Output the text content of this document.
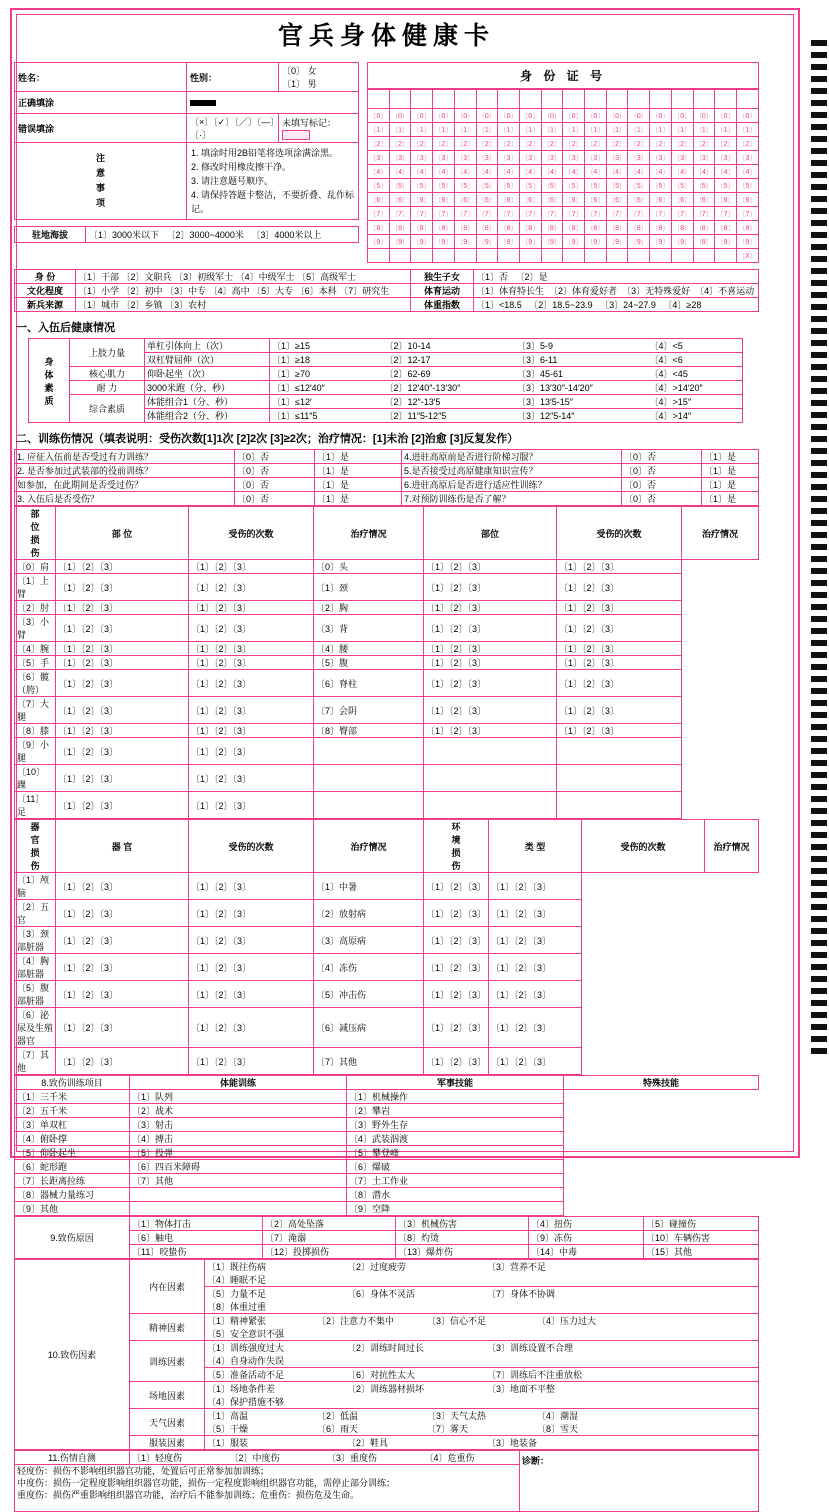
官兵身体健康卡
姓名：	性别：	〔0〕 女
〔1〕 男

正确填涂		
错误填涂	〔×〕〔✓〕〔／〕〔—〕〔·〕	未填写标记：
注
意
事
项	
1. 填涂时用2B铅笔将选项涂满涂黑。
2. 修改时用橡皮擦干净。
3. 请注意题号顺序。
4. 请保持答题卡整洁，不要折叠、乱作标记。
驻地海拔	〔1〕3000米以下 〔2〕3000~4000米 〔3〕4000米以上
身 份 证 号

〔0〕	〔0〕	〔0〕	〔0〕	〔0〕	〔0〕	〔0〕	〔0〕	〔0〕	〔0〕	〔0〕	〔0〕	〔0〕	〔0〕	〔0〕	〔0〕	〔0〕	〔0〕
〔1〕	〔1〕	〔1〕	〔1〕	〔1〕	〔1〕	〔1〕	〔1〕	〔1〕	〔1〕	〔1〕	〔1〕	〔1〕	〔1〕	〔1〕	〔1〕	〔1〕	〔1〕
〔2〕	〔2〕	〔2〕	〔2〕	〔2〕	〔2〕	〔2〕	〔2〕	〔2〕	〔2〕	〔2〕	〔2〕	〔2〕	〔2〕	〔2〕	〔2〕	〔2〕	〔2〕
〔3〕	〔3〕	〔3〕	〔3〕	〔3〕	〔3〕	〔3〕	〔3〕	〔3〕	〔3〕	〔3〕	〔3〕	〔3〕	〔3〕	〔3〕	〔3〕	〔3〕	〔3〕
〔4〕	〔4〕	〔4〕	〔4〕	〔4〕	〔4〕	〔4〕	〔4〕	〔4〕	〔4〕	〔4〕	〔4〕	〔4〕	〔4〕	〔4〕	〔4〕	〔4〕	〔4〕
〔5〕	〔5〕	〔5〕	〔5〕	〔5〕	〔5〕	〔5〕	〔5〕	〔5〕	〔5〕	〔5〕	〔5〕	〔5〕	〔5〕	〔5〕	〔5〕	〔5〕	〔5〕
〔6〕	〔6〕	〔6〕	〔6〕	〔6〕	〔6〕	〔6〕	〔6〕	〔6〕	〔6〕	〔6〕	〔6〕	〔6〕	〔6〕	〔6〕	〔6〕	〔6〕	〔6〕
〔7〕	〔7〕	〔7〕	〔7〕	〔7〕	〔7〕	〔7〕	〔7〕	〔7〕	〔7〕	〔7〕	〔7〕	〔7〕	〔7〕	〔7〕	〔7〕	〔7〕	〔7〕
〔8〕	〔8〕	〔8〕	〔8〕	〔8〕	〔8〕	〔8〕	〔8〕	〔8〕	〔8〕	〔8〕	〔8〕	〔8〕	〔8〕	〔8〕	〔8〕	〔8〕	〔8〕
〔9〕	〔9〕	〔9〕	〔9〕	〔9〕	〔9〕	〔9〕	〔9〕	〔9〕	〔9〕	〔9〕	〔9〕	〔9〕	〔9〕	〔9〕	〔9〕	〔9〕	〔9〕
																	〔X〕
身 份	〔1〕干部 〔2〕文职兵 〔3〕初级军士 〔4〕中级军士 〔5〕高级军士	独生子女	〔1〕否 〔2〕是
文化程度	〔1〕小学 〔2〕初中 〔3〕中专 〔4〕高中 〔5〕大专 〔6〕本科 〔7〕研究生	体育运动	〔1〕体育特长生 〔2〕体育爱好者 〔3〕无特殊爱好 〔4〕不喜运动
新兵来源	〔1〕城市 〔2〕乡镇 〔3〕农村	体重指数	〔1〕<18.5 〔2〕18.5~23.9 〔3〕24~27.9 〔4〕≥28
一、入伍后健康情况
身
体
素
质	上肢力量	单杠引体向上（次）	〔1〕≥15 〔2〕10-14 〔3〕5-9 〔4〕<5
		双杠臂屈伸（次）	〔1〕≥18 〔2〕12-17 〔3〕6-11 〔4〕<6
	核心肌力	仰卧起坐（次）	〔1〕≥70 〔2〕62-69 〔3〕45-61 〔4〕<45
	耐 力	3000米跑（分、秒）	〔1〕≤12′40″ 〔2〕12′40″-13′30″ 〔3〕13′30″-14′20″ 〔4〕>14′20″
	综合素质	体能组合1（分、秒）	〔1〕≤12′ 〔2〕12″-13′5 〔3〕13′5-15″ 〔4〕>15″
		体能组合2（分、秒）	〔1〕≤11″5 〔2〕11″5-12″5 〔3〕12″5-14″ 〔4〕>14″
二、训练伤情况（填表说明：受伤次数[1]1次 [2]2次 [3]≥2次；治疗情况：[1]未治 [2]治愈 [3]反复发作）
1. 应征入伍前是否受过有力训练？	〔0〕否	〔1〕是	4.进驻高原前是否进行阶梯习服？	〔0〕否	〔1〕是
2. 是否参加过武装部的役前训练？	〔0〕否	〔1〕是	5.是否接受过高原健康知识宣传？	〔0〕否	〔1〕是
如参加，在此期间是否受过伤？	〔0〕否	〔1〕是	6.进驻高原后是否进行适应性训练？	〔0〕否	〔1〕是
3. 入伍后是否受伤？	〔0〕否	〔1〕是	7.对预防训练伤是否了解？	〔0〕否	〔1〕是
部
位
损
伤	部 位	受伤的次数	治疗情况	部位	受伤的次数	治疗情况
〔0〕肩	〔1〕〔2〕〔3〕	〔1〕〔2〕〔3〕	〔0〕头	〔1〕〔2〕〔3〕	〔1〕〔2〕〔3〕	
〔1〕上臂	〔1〕〔2〕〔3〕	〔1〕〔2〕〔3〕	〔1〕颈	〔1〕〔2〕〔3〕	〔1〕〔2〕〔3〕	
〔2〕肘	〔1〕〔2〕〔3〕	〔1〕〔2〕〔3〕	〔2〕胸	〔1〕〔2〕〔3〕	〔1〕〔2〕〔3〕	
〔3〕小臂	〔1〕〔2〕〔3〕	〔1〕〔2〕〔3〕	〔3〕背	〔1〕〔2〕〔3〕	〔1〕〔2〕〔3〕	
〔4〕腕	〔1〕〔2〕〔3〕	〔1〕〔2〕〔3〕	〔4〕腰	〔1〕〔2〕〔3〕	〔1〕〔2〕〔3〕	
〔5〕手	〔1〕〔2〕〔3〕	〔1〕〔2〕〔3〕	〔5〕腹	〔1〕〔2〕〔3〕	〔1〕〔2〕〔3〕	
〔6〕髋（胯）	〔1〕〔2〕〔3〕	〔1〕〔2〕〔3〕	〔6〕脊柱	〔1〕〔2〕〔3〕	〔1〕〔2〕〔3〕	
〔7〕大腿	〔1〕〔2〕〔3〕	〔1〕〔2〕〔3〕	〔7〕会阴	〔1〕〔2〕〔3〕	〔1〕〔2〕〔3〕	
〔8〕膝	〔1〕〔2〕〔3〕	〔1〕〔2〕〔3〕	〔8〕臀部	〔1〕〔2〕〔3〕	〔1〕〔2〕〔3〕	
〔9〕小腿	〔1〕〔2〕〔3〕	〔1〕〔2〕〔3〕				
〔10〕踝	〔1〕〔2〕〔3〕	〔1〕〔2〕〔3〕				
〔11〕足	〔1〕〔2〕〔3〕	〔1〕〔2〕〔3〕				
器
官
损
伤	器 官	受伤的次数	治疗情况	环
境
损
伤	类 型	受伤的次数	治疗情况
〔1〕颅脑	〔1〕〔2〕〔3〕	〔1〕〔2〕〔3〕	〔1〕中暑	〔1〕〔2〕〔3〕	〔1〕〔2〕〔3〕		
〔2〕五官	〔1〕〔2〕〔3〕	〔1〕〔2〕〔3〕	〔2〕放射病	〔1〕〔2〕〔3〕	〔1〕〔2〕〔3〕		
〔3〕颈部脏器	〔1〕〔2〕〔3〕	〔1〕〔2〕〔3〕	〔3〕高原病	〔1〕〔2〕〔3〕	〔1〕〔2〕〔3〕		
〔4〕胸部脏器	〔1〕〔2〕〔3〕	〔1〕〔2〕〔3〕	〔4〕冻伤	〔1〕〔2〕〔3〕	〔1〕〔2〕〔3〕		
〔5〕腹部脏器	〔1〕〔2〕〔3〕	〔1〕〔2〕〔3〕	〔5〕冲击伤	〔1〕〔2〕〔3〕	〔1〕〔2〕〔3〕		
〔6〕泌尿及生殖器官	〔1〕〔2〕〔3〕	〔1〕〔2〕〔3〕	〔6〕减压病	〔1〕〔2〕〔3〕	〔1〕〔2〕〔3〕		
〔7〕其他	〔1〕〔2〕〔3〕	〔1〕〔2〕〔3〕	〔7〕其他	〔1〕〔2〕〔3〕	〔1〕〔2〕〔3〕		
8.致伤训练项目	体能训练	军事技能	特殊技能
〔1〕三千米	〔1〕队列	〔1〕机械操作	
〔2〕五千米	〔2〕战术	〔2〕攀岩	
〔3〕单双杠	〔3〕射击	〔3〕野外生存	
〔4〕俯卧撑	〔4〕搏击	〔4〕武装泅渡	
〔5〕仰卧起坐	〔5〕投弹	〔5〕攀登峰	
〔6〕蛇形跑	〔6〕四百米障碍	〔6〕爆破	
〔7〕长距离拉练	〔7〕其他	〔7〕土工作业	
〔8〕器械力量练习		〔8〕潜水	
〔9〕其他		〔9〕空降	
9.致伤原因	〔1〕物体打击	〔2〕高处坠落	〔3〕机械伤害	〔4〕扭伤	〔5〕碰撞伤
	〔6〕触电	〔7〕淹溺	〔8〕灼烫	〔9〕冻伤	〔10〕车辆伤害
	〔11〕咬蛰伤	〔12〕投掷损伤	〔13〕爆炸伤	〔14〕中毒	〔15〕其他
10.致伤因素	内在因素	〔1〕既往伤病 〔2〕过度疲劳 〔3〕营养不足〔4〕睡眠不足
		〔5〕力量不足 〔6〕身体不灵活 〔7〕身体不协调〔8〕体重过重
	精神因素	〔1〕精神紧张 〔2〕注意力不集中 〔3〕信心不足 〔4〕压力过大〔5〕安全意识不强
	训练因素	〔1〕训练强度过大 〔2〕训练时间过长 〔3〕训练设置不合理〔4〕自身动作失误
		〔5〕准备活动不足 〔6〕对抗性太大 〔7〕训练后不注重放松
	场地因素	〔1〕场地条件差 〔2〕训练器材损坏 〔3〕地面不平整〔4〕保护措施不够
	天气因素	〔1〕高温 〔2〕低温 〔3〕天气太热 〔4〕潮湿〔5〕干燥 〔6〕雨天 〔7〕雾天 〔8〕雪天
	服装因素	〔1〕服装 〔2〕鞋具 〔3〕地装备
11.伤情自测	〔1〕轻度伤	〔2〕中度伤	〔3〕重度伤	〔4〕危重伤	诊断：

轻度伤：损伤不影响组织器官功能，处置后可正常参加加训练；
中度伤：损伤一定程度影响组织器官功能，损伤一定程度影响组织器官功能，需停止部分训练；
重度伤：损伤严重影响组织器官功能，治疗后不能参加训练；危重伤：损伤危及生命。
